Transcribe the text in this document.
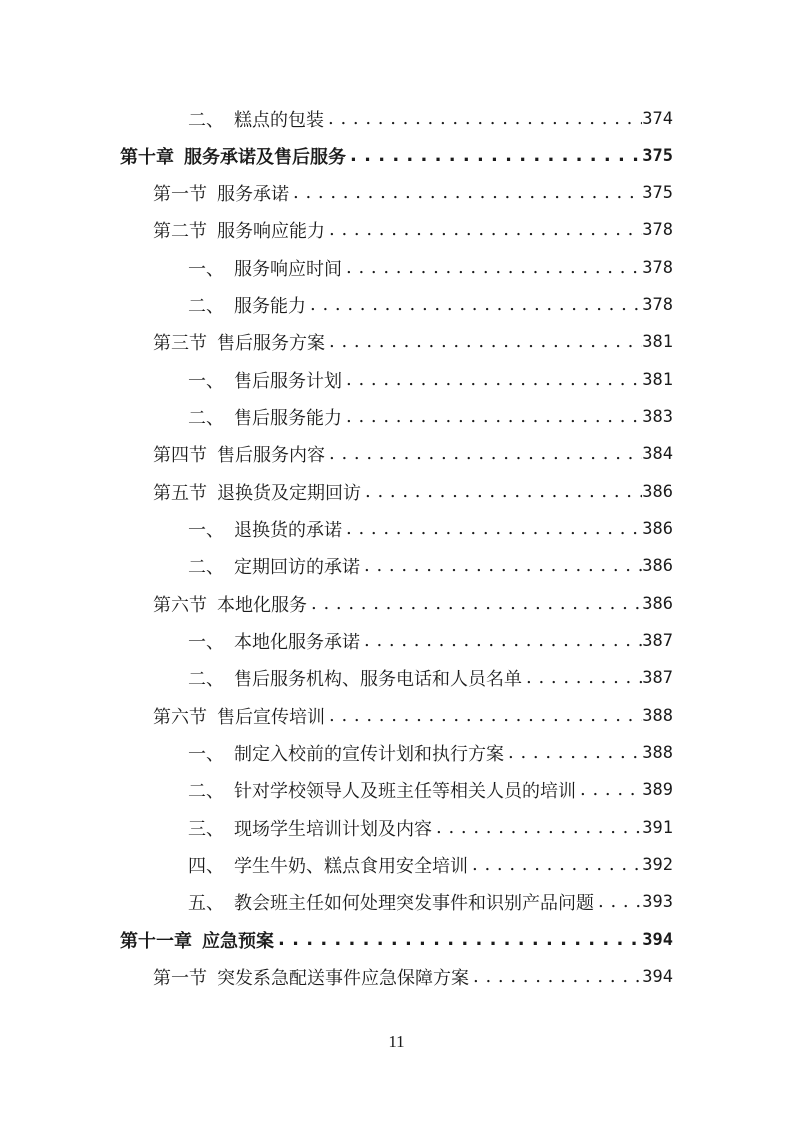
二、 糕点的包装 . . .	374
第十章 服务承诺及售后服务 . . .	375
第一节 服务承诺 . . .	375
第二节 服务响应能力 . . .	378
一、 服务响应时间 . . .	378
二、 服务能力 . . .	378
第三节 售后服务方案 . . .	381
一、 售后服务计划 . . .	381
二、 售后服务能力 . . .	383
第四节 售后服务内容 . . .	384
第五节 退换货及定期回访 . . .	386
一、 退换货的承诺 . . .	386
二、 定期回访的承诺 . . .	386
第六节 本地化服务 . . .	386
一、 本地化服务承诺 . . .	387
二、 售后服务机构、服务电话和人员名单 . . .	387
第六节 售后宣传培训 . . .	388
一、 制定入校前的宣传计划和执行方案 . . .	388
二、 针对学校领导人及班主任等相关人员的培训 . . .	389
三、 现场学生培训计划及内容 . . .	391
四、 学生牛奶、糕点食用安全培训 . . .	392
五、 教会班主任如何处理突发事件和识别产品问题 . . .	393
第十一章 应急预案 . . .	394
第一节 突发系急配送事件应急保障方案 . . .	394
11
